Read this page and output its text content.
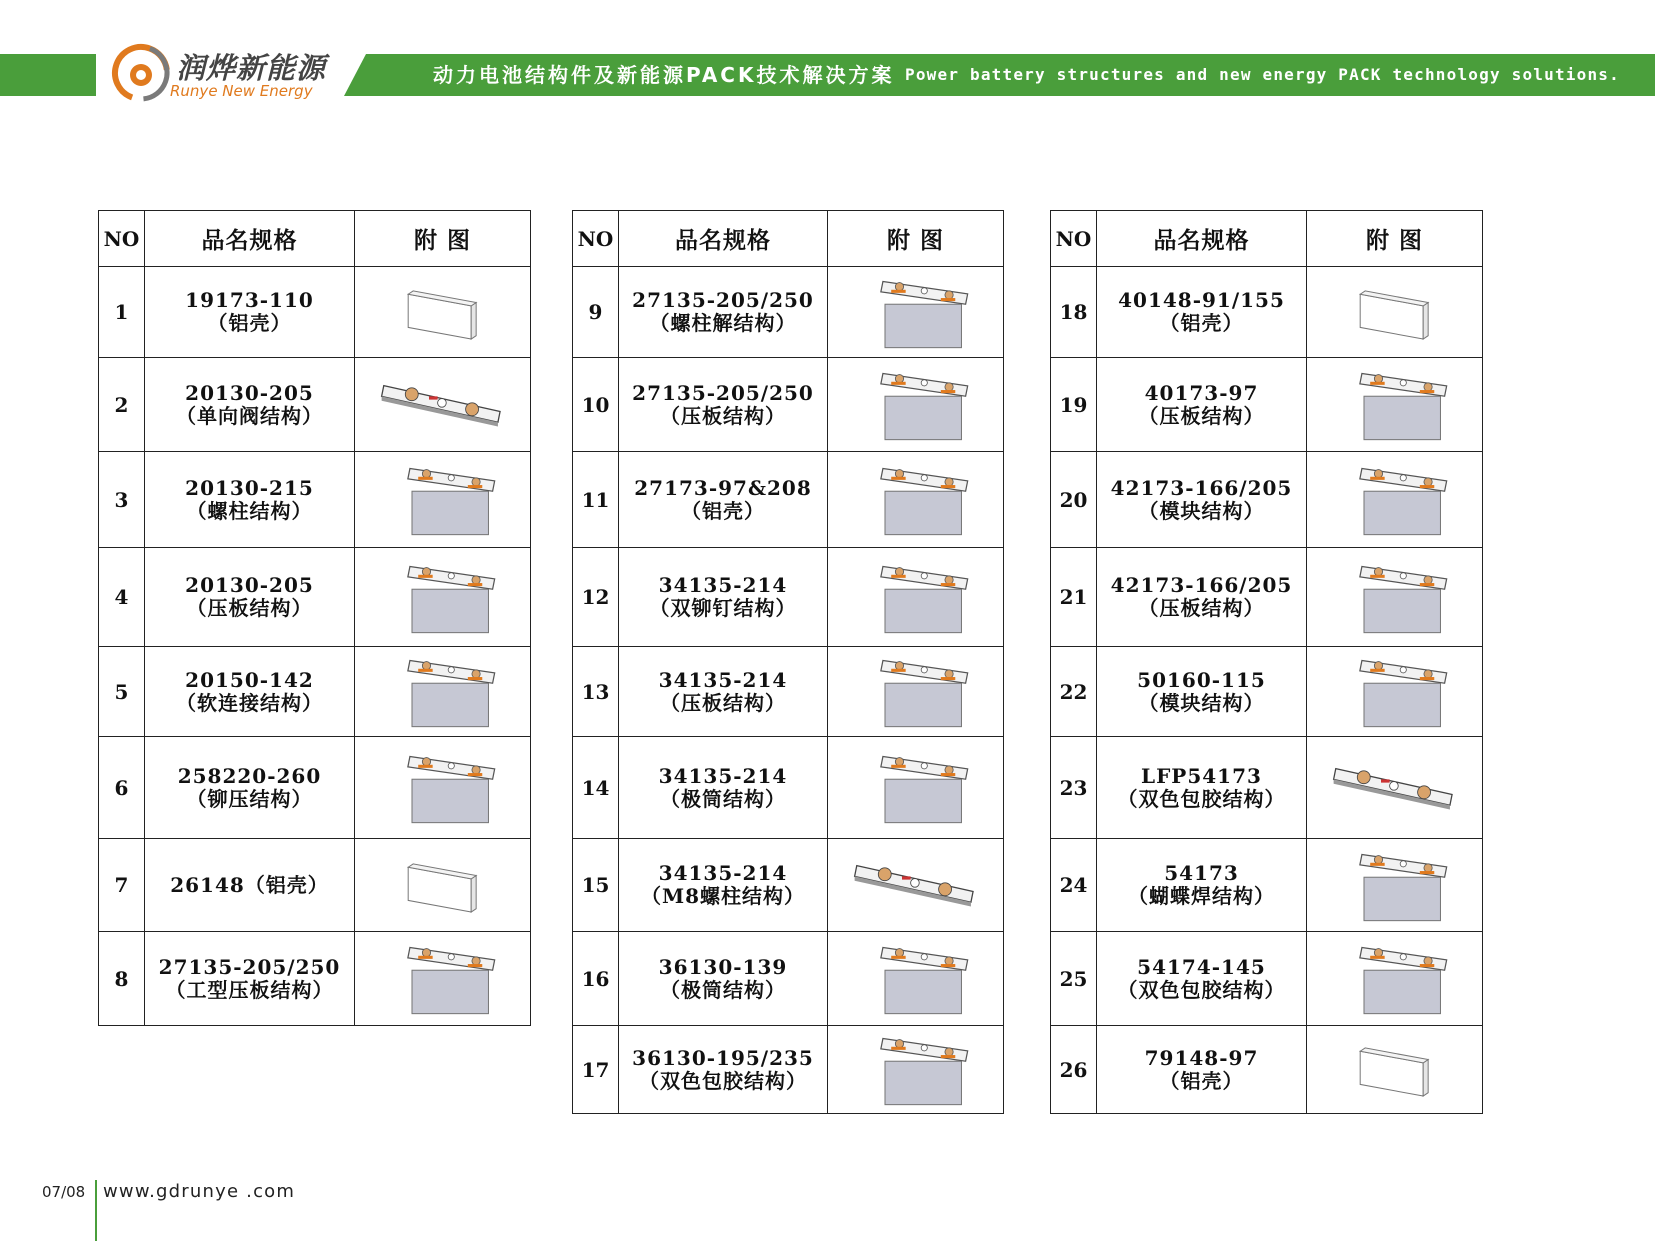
润烨新能源
Runye New Energy
动力电池结构件及新能源PACK技术解决方案 Power battery structures and new energy PACK technology solutions.
NO	品名规格	附 图
1	19173-110
（铝壳）

2	20130-205
（单向阀结构）

3	20130-215
（螺柱结构）

4	20130-205
（压板结构）

5	20150-142
（软连接结构）

6	258220-260
（铆压结构）

7	26148（铝壳）

8	27135-205/250
（工型压板结构）

NO	品名规格	附 图
9	27135-205/250
（螺柱解结构）

10	27135-205/250
（压板结构）

11	27173-97&208
（铝壳）

12	34135-214
（双铆钉结构）

13	34135-214
（压板结构）

14	34135-214
（极筒结构）

15	34135-214
（M8螺柱结构）

16	36130-139
（极筒结构）

17	36130-195/235
（双色包胶结构）

NO	品名规格	附 图
18	40148-91/155
（铝壳）

19	40173-97
（压板结构）

20	42173-166/205
（模块结构）

21	42173-166/205
（压板结构）

22	50160-115
（模块结构）

23	LFP54173
（双色包胶结构）

24	54173
（蝴蝶焊结构）

25	54174-145
（双色包胶结构）

26	79148-97
（铝壳）

07/08 www.gdrunye .com
